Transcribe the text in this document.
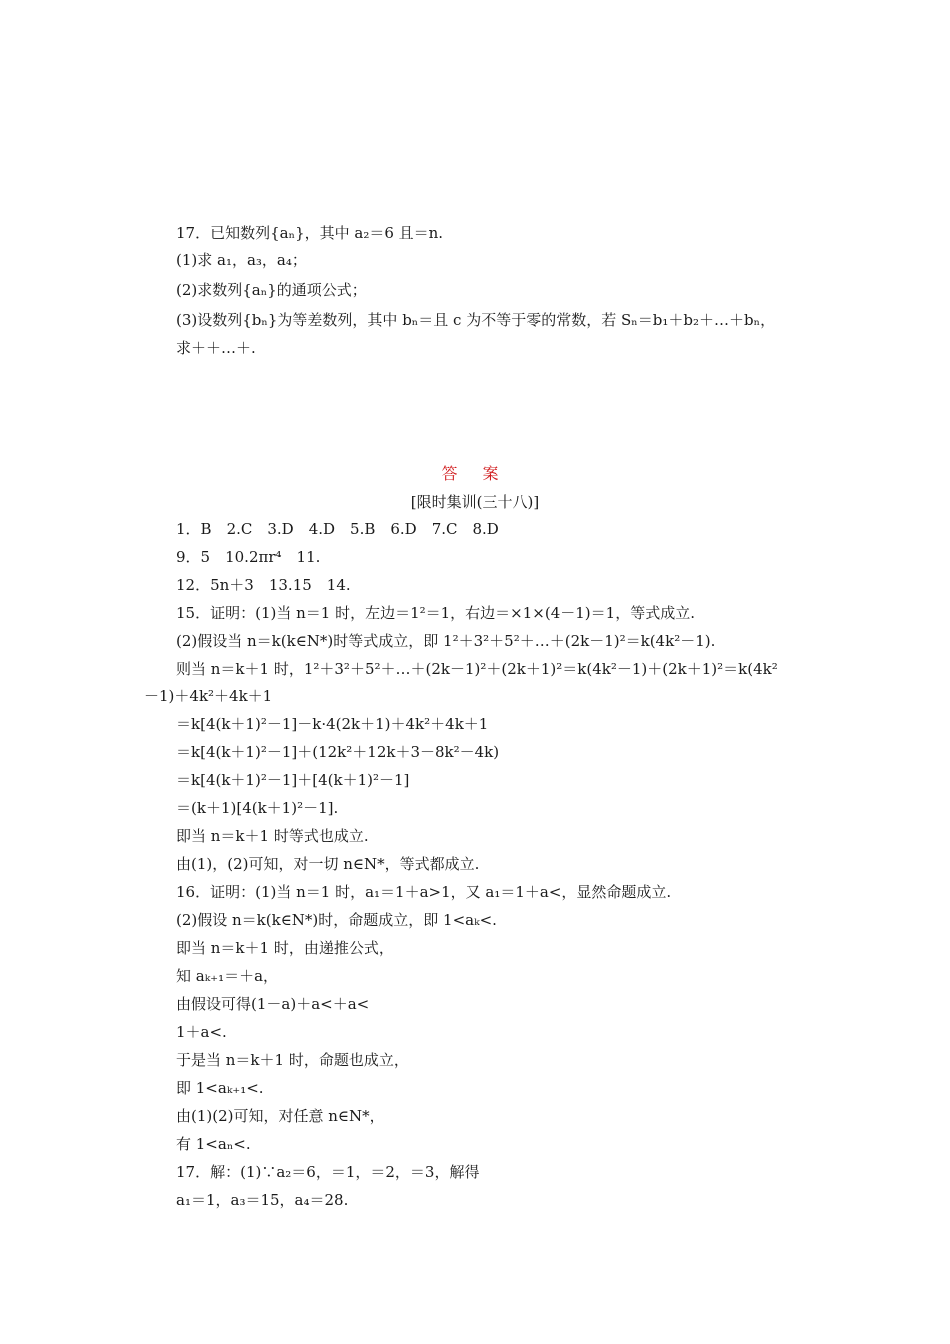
17．已知数列{aₙ}，其中 a₂＝6 且＝n.
(1)求 a₁，a₃，a₄；
(2)求数列{aₙ}的通项公式；
(3)设数列{bₙ}为等差数列，其中 bₙ＝且 c 为不等于零的常数，若 Sₙ＝b₁＋b₂＋…＋bₙ，
求＋＋…＋.
答 案
[限时集训(三十八)]
1．B　2.C　3.D　4.D　5.B　6.D　7.C　8.D
9．5　10.2πr⁴　11.
12．5n＋3　13.15　14.
15．证明：(1)当 n＝1 时，左边＝1²＝1，右边＝×1×(4－1)＝1，等式成立.
(2)假设当 n＝k(k∈N*)时等式成立，即 1²＋3²＋5²＋…＋(2k－1)²＝k(4k²－1).
则当 n＝k＋1 时，1²＋3²＋5²＋…＋(2k－1)²＋(2k＋1)²＝k(4k²－1)＋(2k＋1)²＝k(4k²
－1)＋4k²＋4k＋1
＝k[4(k＋1)²－1]－k·4(2k＋1)＋4k²＋4k＋1
＝k[4(k＋1)²－1]＋(12k²＋12k＋3－8k²－4k)
＝k[4(k＋1)²－1]＋[4(k＋1)²－1]
＝(k＋1)[4(k＋1)²－1].
即当 n＝k＋1 时等式也成立.
由(1)，(2)可知，对一切 n∈N*，等式都成立.
16．证明：(1)当 n＝1 时，a₁＝1＋a>1，又 a₁＝1＋a<，显然命题成立.
(2)假设 n＝k(k∈N*)时，命题成立，即 1<aₖ<.
即当 n＝k＋1 时，由递推公式，
知 aₖ₊₁＝＋a，
由假设可得(1－a)＋a<＋a<
1＋a<.
于是当 n＝k＋1 时，命题也成立，
即 1<aₖ₊₁<.
由(1)(2)可知，对任意 n∈N*，
有 1<aₙ<.
17．解：(1)∵a₂＝6，＝1，＝2，＝3，解得
a₁＝1，a₃＝15，a₄＝28.
